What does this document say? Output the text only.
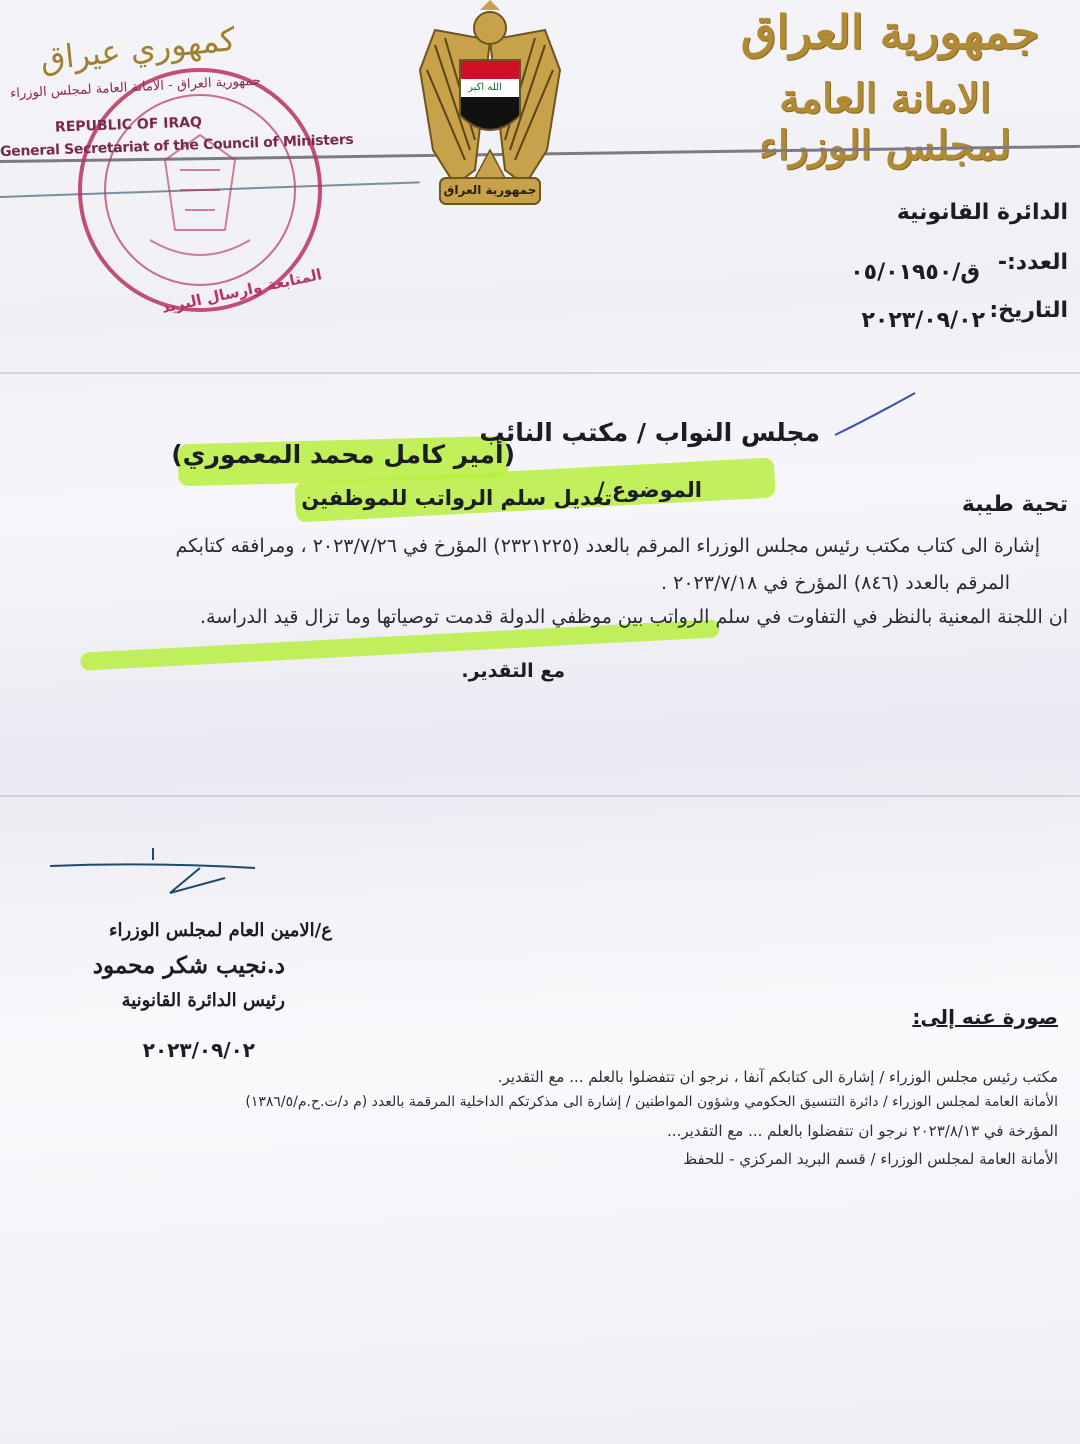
جمهورية العراق
الامانة العامة لمجلس الوزراء
الله اكبر
جمهورية العراق
كمهوري عيراق
جمهورية العراق - الامانة العامة لمجلس الوزراء
REPUBLIC OF IRAQ
General Secretariat of the Council of Ministers
المتابعة وارسال البريد
الدائرة القانونية
العدد:-
ق/٠٥/٠١٩٥٠
التاريخ:
٢٠٢٣/٠٩/٠٢
مجلس النواب / مكتب النائب
(أمير كامل محمد المعموري)
الموضوع /
تعديل سلم الرواتب للموظفين	تحية طيبة
إشارة الى كتاب مكتب رئيس مجلس الوزراء المرقم بالعدد (٢٣٢١٢٢٥) المؤرخ في ٢٠٢٣/٧/٢٦ ، ومرافقه كتابكم
المرقم بالعدد (٨٤٦) المؤرخ في ٢٠٢٣/٧/١٨ .
ان اللجنة المعنية بالنظر في التفاوت في سلم الرواتب بين موظفي الدولة قدمت توصياتها وما تزال قيد الدراسة.
مع التقدير.
ع/الامين العام لمجلس الوزراء
د.نجيب شكر محمود
رئيس الدائرة القانونية
٢٠٢٣/٠٩/٠٢
صورة عنه إلى:
مكتب رئيس مجلس الوزراء / إشارة الى كتابكم آنفا ، نرجو ان تتفضلوا بالعلم ... مع التقدير.
الأمانة العامة لمجلس الوزراء / دائرة التنسيق الحكومي وشؤون المواطنين / إشارة الى مذكرتكم الداخلية المرقمة بالعدد (م د/ت.ح.م/١٣٨٦/٥)
المؤرخة في ٢٠٢٣/٨/١٣ نرجو ان تتفضلوا بالعلم ... مع التقدير...
الأمانة العامة لمجلس الوزراء / قسم البريد المركزي - للحفظ
